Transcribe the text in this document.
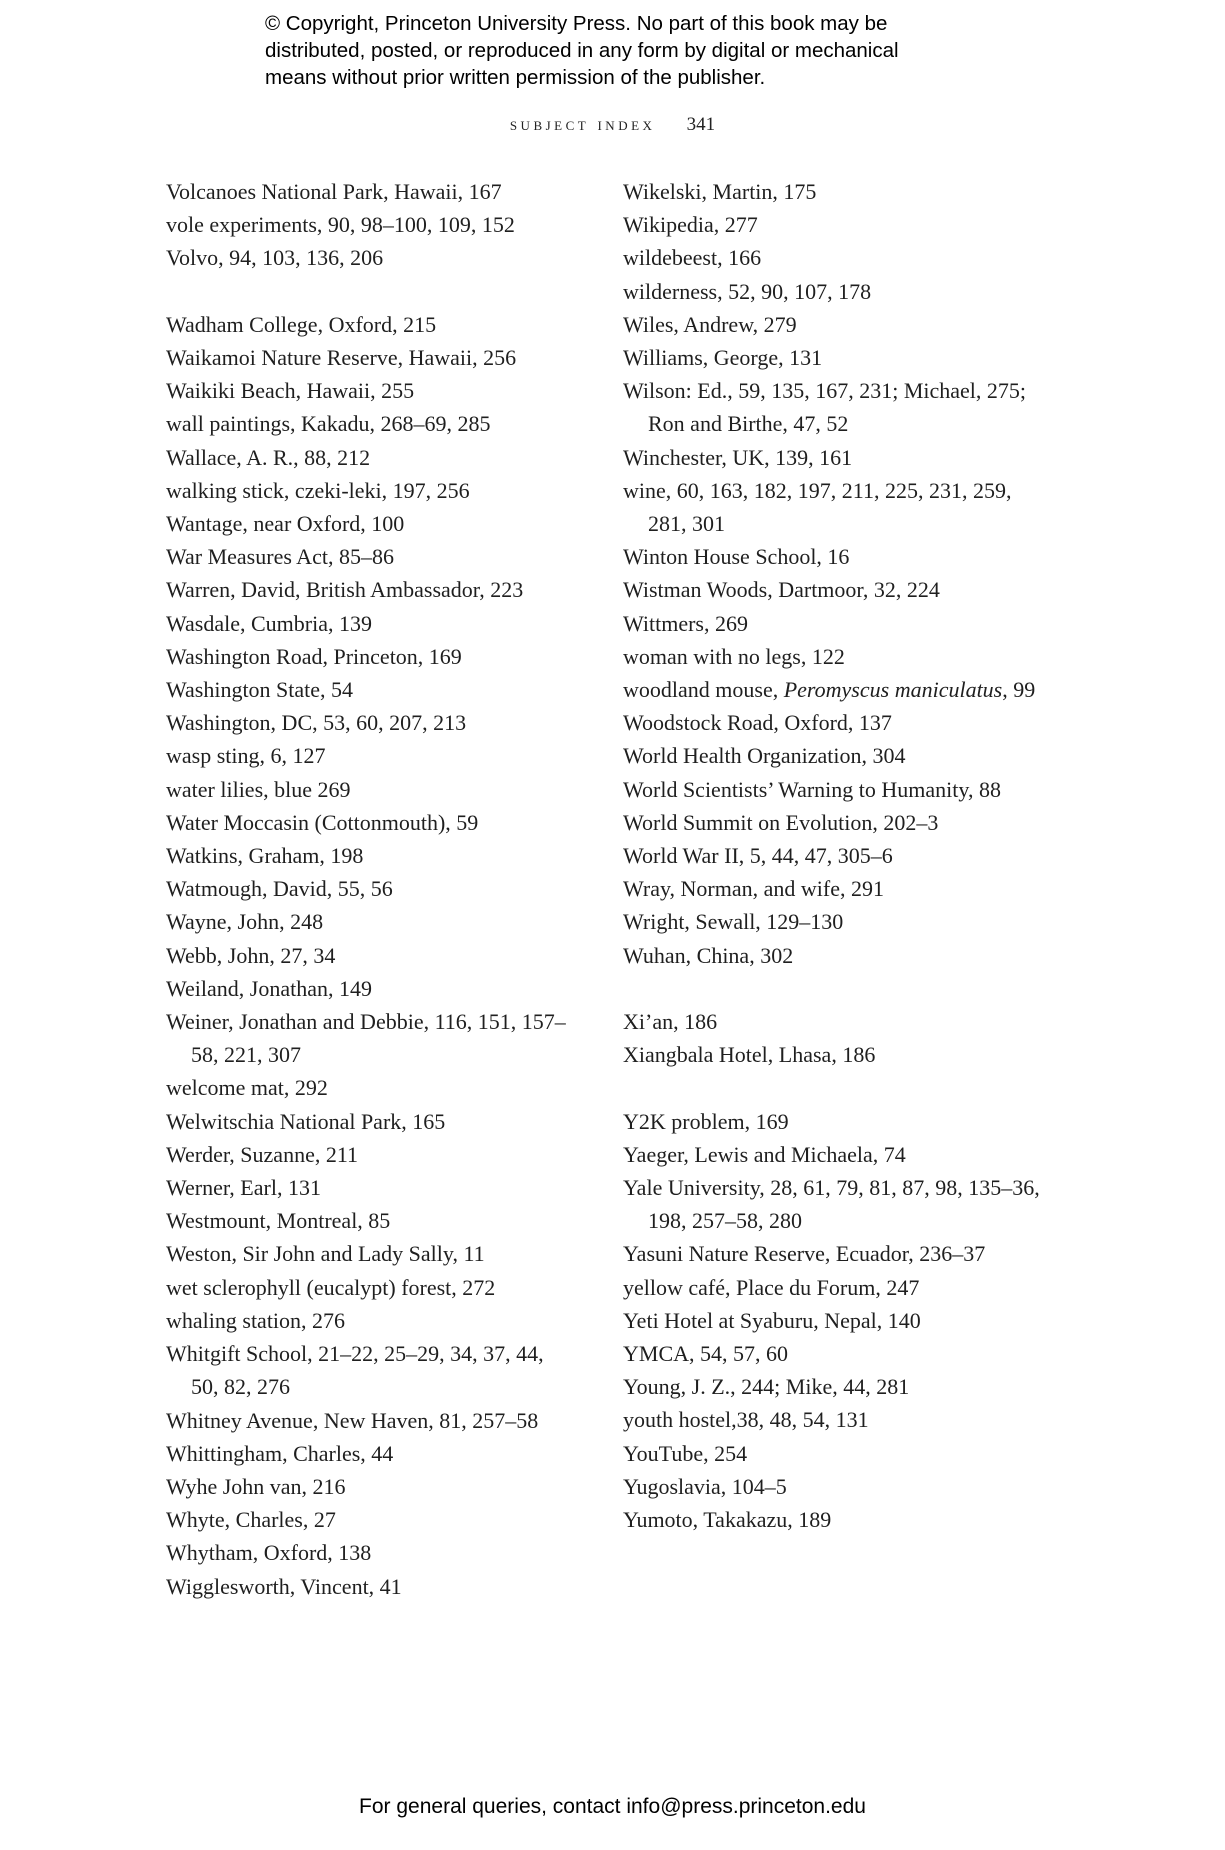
© Copyright, Princeton University Press. No part of this book may be

distributed, posted, or reproduced in any form by digital or mechanical

means without prior written permission of the publisher.

subject index 341
Volcanoes National Park, Hawaii, 167
vole experiments, 90, 98–100, 109, 152
Volvo, 94, 103, 136, 206
Wadham College, Oxford, 215
Waikamoi Nature Reserve, Hawaii, 256
Waikiki Beach, Hawaii, 255
wall paintings, Kakadu, 268–69, 285
Wallace, A. R., 88, 212
walking stick, czeki-leki, 197, 256
Wantage, near Oxford, 100
War Measures Act, 85–86
Warren, David, British Ambassador, 223
Wasdale, Cumbria, 139
Washington Road, Princeton, 169
Washington State, 54
Washington, DC, 53, 60, 207, 213
wasp sting, 6, 127
water lilies, blue 269
Water Moccasin (Cottonmouth), 59
Watkins, Graham, 198
Watmough, David, 55, 56
Wayne, John, 248
Webb, John, 27, 34
Weiland, Jonathan, 149
Weiner, Jonathan and Debbie, 116, 151, 157–58, 221, 307
welcome mat, 292
Welwitschia National Park, 165
Werder, Suzanne, 211
Werner, Earl, 131
Westmount, Montreal, 85
Weston, Sir John and Lady Sally, 11
wet sclerophyll (eucalypt) forest, 272
whaling station, 276
Whitgift School, 21–22, 25–29, 34, 37, 44, 50, 82, 276
Whitney Avenue, New Haven, 81, 257–58
Whittingham, Charles, 44
Wyhe John van, 216
Whyte, Charles, 27
Whytham, Oxford, 138
Wigglesworth, Vincent, 41
Wikelski, Martin, 175
Wikipedia, 277
wildebeest, 166
wilderness, 52, 90, 107, 178
Wiles, Andrew, 279
Williams, George, 131
Wilson: Ed., 59, 135, 167, 231; Michael, 275; Ron and Birthe, 47, 52
Winchester, UK, 139, 161
wine, 60, 163, 182, 197, 211, 225, 231, 259, 281, 301
Winton House School, 16
Wistman Woods, Dartmoor, 32, 224
Wittmers, 269
woman with no legs, 122
woodland mouse, Peromyscus maniculatus, 99
Woodstock Road, Oxford, 137
World Health Organization, 304
World Scientists’ Warning to Humanity, 88
World Summit on Evolution, 202–3
World War II, 5, 44, 47, 305–6
Wray, Norman, and wife, 291
Wright, Sewall, 129–130
Wuhan, China, 302
Xi’an, 186
Xiangbala Hotel, Lhasa, 186
Y2K problem, 169
Yaeger, Lewis and Michaela, 74
Yale University, 28, 61, 79, 81, 87, 98, 135–36, 198, 257–58, 280
Yasuni Nature Reserve, Ecuador, 236–37
yellow café, Place du Forum, 247
Yeti Hotel at Syaburu, Nepal, 140
YMCA, 54, 57, 60
Young, J. Z., 244; Mike, 44, 281
youth hostel,38, 48, 54, 131
YouTube, 254
Yugoslavia, 104–5
Yumoto, Takakazu, 189
For general queries, contact info@press.princeton.edu
